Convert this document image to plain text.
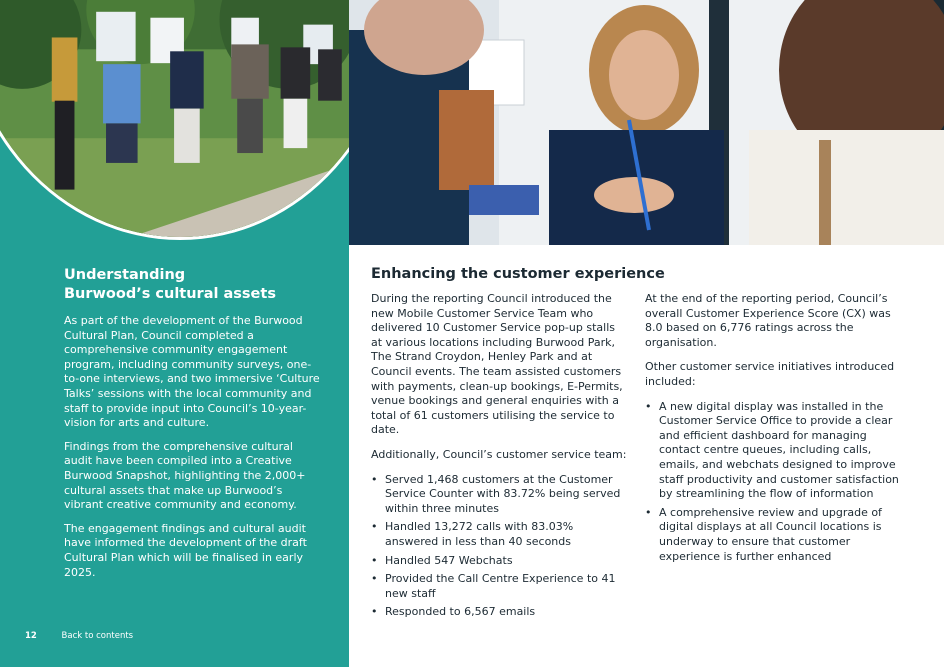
Understanding
Burwood’s cultural assets

As part of the development of the Burwood Cultural Plan, Council completed a comprehensive community engagement program, including community surveys, one-to-one interviews, and two immersive ‘Culture Talks’ sessions with the local community and staff to provide input into Council’s 10-year-vision for arts and culture.

Findings from the comprehensive cultural audit have been compiled into a Creative Burwood Snapshot, highlighting the 2,000+ cultural assets that make up Burwood’s vibrant creative community and economy.

The engagement findings and cultural audit have informed the development of the draft Cultural Plan which will be finalised in early 2025.

12	Back to contents
Enhancing the customer experience

During the reporting Council introduced the new Mobile Customer Service Team who delivered 10 Customer Service pop-up stalls at various locations including Burwood Park, The Strand Croydon, Henley Park and at Council events. The team assisted customers with payments, clean-up bookings, E-Permits, venue bookings and general enquiries with a total of 61 customers utilising the service to date.

Additionally, Council’s customer service team:

• Served 1,468 customers at the Customer Service Counter with 83.72% being served within three minutes
• Handled 13,272 calls with 83.03% answered in less than 40 seconds
• Handled 547 Webchats
• Provided the Call Centre Experience to 41 new staff
• Responded to 6,567 emails

At the end of the reporting period, Council’s overall Customer Experience Score (CX) was 8.0 based on 6,776 ratings across the organisation.

Other customer service initiatives introduced included:

• A new digital display was installed in the Customer Service Office to provide a clear and efficient dashboard for managing contact centre queues, including calls, emails, and webchats designed to improve staff productivity and customer satisfaction by streamlining the flow of information
• A comprehensive review and upgrade of digital displays at all Council locations is underway to ensure that customer experience is further enhanced
